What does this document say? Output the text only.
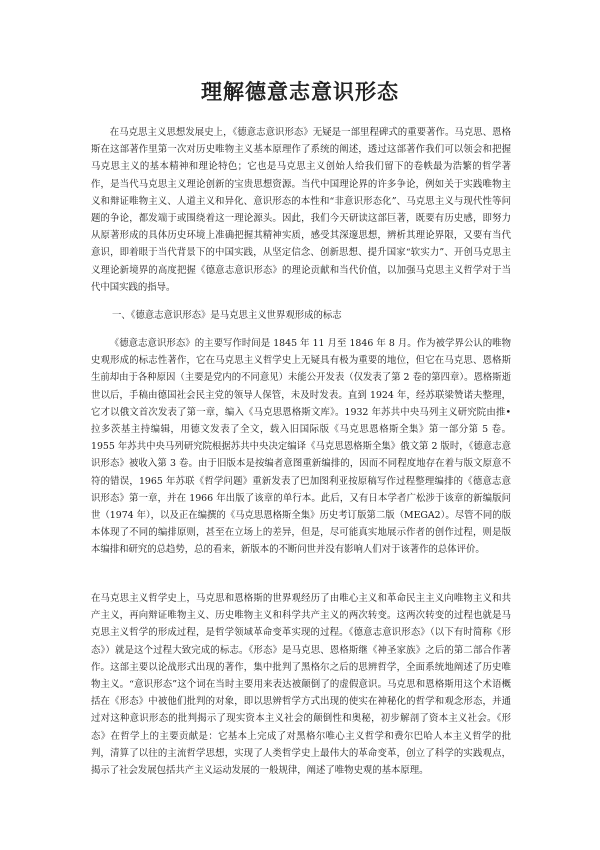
理解德意志意识形态

在马克思主义思想发展史上，《德意志意识形态》无疑是一部里程碑式的重要著作。马克思、恩格斯在这部著作里第一次对历史唯物主义基本原理作了系统的阐述，透过这部著作我们可以领会和把握马克思主义的基本精神和理论特色；它也是马克思主义创始人给我们留下的卷帙最为浩繁的哲学著作，是当代马克思主义理论创新的宝贵思想资源。当代中国理论界的许多争论，例如关于实践唯物主义和辩证唯物主义、人道主义和异化、意识形态的本性和“非意识形态化”、马克思主义与现代性等问题的争论，都发端于或围绕着这一理论源头。因此，我们今天研读这部巨著，既要有历史感，即努力从原著形成的具体历史环境上准确把握其精神实质，感受其深邃思想，辨析其理论界限，又要有当代意识，即着眼于当代背景下的中国实践，从坚定信念、创新思想、提升国家“软实力”、开创马克思主义理论新境界的高度把握《德意志意识形态》的理论贡献和当代价值，以加强马克思主义哲学对于当代中国实践的指导。

一、《德意志意识形态》是马克思主义世界观形成的标志

《德意志意识形态》的主要写作时间是 1845 年 11 月至 1846 年 8 月。作为被学界公认的唯物史观形成的标志性著作，它在马克思主义哲学史上无疑具有极为重要的地位，但它在马克思、恩格斯生前却由于各种原因（主要是党内的不同意见）未能公开发表（仅发表了第 2 卷的第四章）。恩格斯逝世以后，手稿由德国社会民主党的领导人保管，未及时发表。直到 1924 年，经苏联梁赞诺夫整理，它才以俄文首次发表了第一章，编入《马克思恩格斯文库》。1932 年苏共中央马列主义研究院由推•拉多茨基主持编辑，用德文发表了全文，载入旧国际版《马克思恩格斯全集》第一部分第 5 卷。1955 年苏共中央马列研究院根据苏共中央决定编译《马克思恩格斯全集》俄文第 2 版时，《德意志意识形态》被收入第 3 卷。由于旧版本是按编者意图重新编排的，因而不同程度地存在着与版文原意不符的错误，1965 年苏联《哲学问题》重新发表了巴加图利亚按原稿写作过程整理编排的《德意志意识形态》第一章，并在 1966 年出版了该章的单行本。此后，又有日本学者广松涉于该章的新编版问世（1974 年），以及正在编撰的《马克思恩格斯全集》历史考订版第二版（MEGA2）。尽管不同的版本体现了不同的编排原则，甚至在立场上的差异，但是，尽可能真实地展示作者的创作过程，则是版本编排和研究的总趋势，总的看来，新版本的不断问世并没有影响人们对于该著作的总体评价。

在马克思主义哲学史上，马克思和恩格斯的世界观经历了由唯心主义和革命民主主义向唯物主义和共产主义，再向辩证唯物主义、历史唯物主义和科学共产主义的两次转变。这两次转变的过程也就是马克思主义哲学的形成过程，是哲学领域革命变革实现的过程。《德意志意识形态》（以下有时简称《形态》）就是这个过程大致完成的标志。《形态》是马克思、恩格斯继《神圣家族》之后的第二部合作著作。这部主要以论战形式出现的著作，集中批判了黑格尔之后的思辨哲学，全面系统地阐述了历史唯物主义。“意识形态”这个词在当时主要用来表达被颠倒了的虚假意识。马克思和恩格斯用这个术语概括在《形态》中被他们批判的对象，即以思辨哲学方式出现的使实在神秘化的哲学和观念形态，并通过对这种意识形态的批判揭示了现实资本主义社会的颠倒性和奥秘，初步解剖了资本主义社会。《形态》在哲学上的主要贡献是：它基本上完成了对黑格尔唯心主义哲学和费尔巴哈人本主义哲学的批判，清算了以往的主流哲学思想，实现了人类哲学史上最伟大的革命变革，创立了科学的实践观点，揭示了社会发展包括共产主义运动发展的一般规律，阐述了唯物史观的基本原理。
